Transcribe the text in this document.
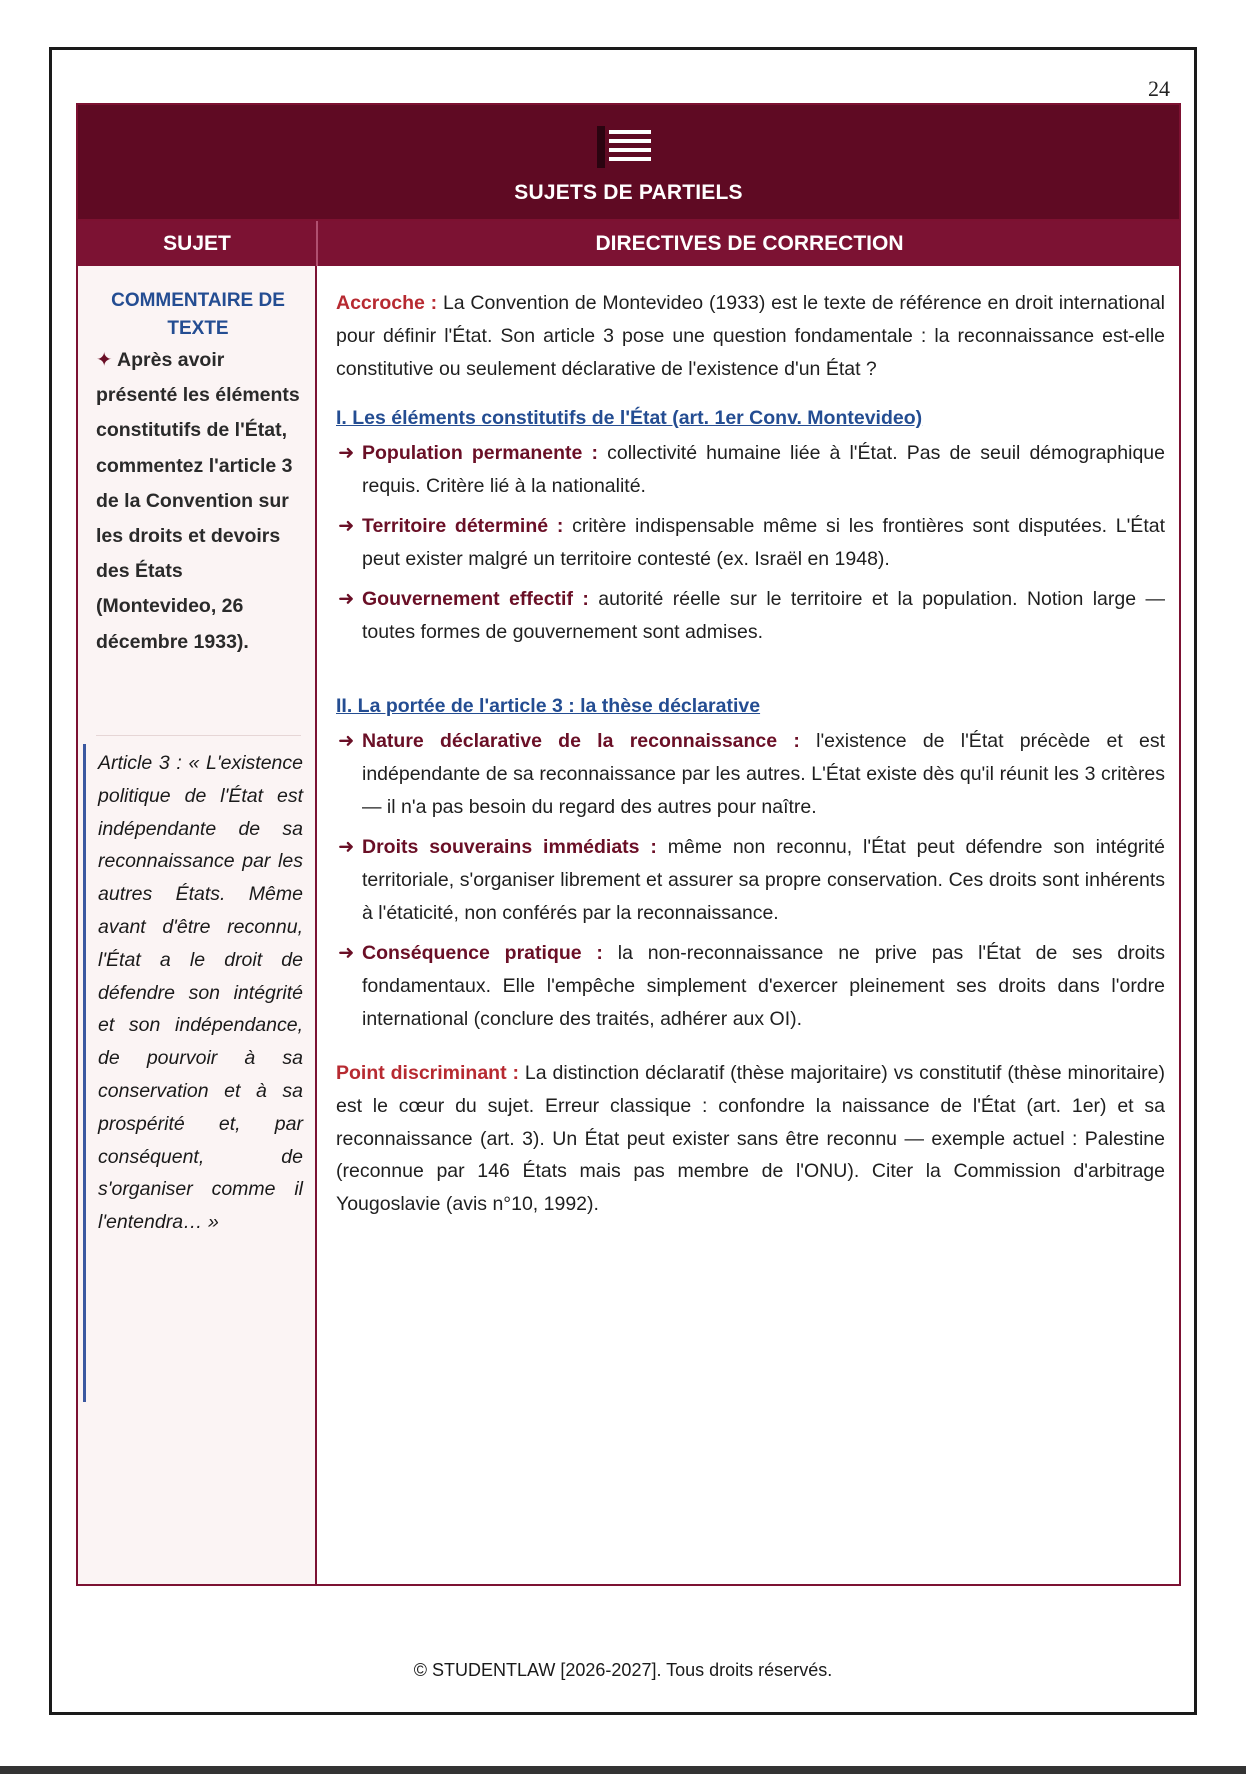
24
SUJETS DE PARTIELS
SUJET	DIRECTIVES DE CORRECTION
COMMENTAIRE DE TEXTE
✦ Après avoir présenté les éléments constitutifs de l'État, commentez l'article 3 de la Convention sur les droits et devoirs des États (Montevideo, 26 décembre 1933).
Article 3 : « L'existence politique de l'État est indépendante de sa reconnaissance par les autres États. Même avant d'être reconnu, l'État a le droit de défendre son intégrité et son indépendance, de pourvoir à sa conservation et à sa prospérité et, par conséquent, de s'organiser comme il l'entendra… »
Accroche : La Convention de Montevideo (1933) est le texte de référence en droit international pour définir l'État. Son article 3 pose une question fondamentale : la reconnaissance est-elle constitutive ou seulement déclarative de l'existence d'un État ?
I. Les éléments constitutifs de l'État (art. 1er Conv. Montevideo)
➜ Population permanente : collectivité humaine liée à l'État. Pas de seuil démographique requis. Critère lié à la nationalité.
➜ Territoire déterminé : critère indispensable même si les frontières sont disputées. L'État peut exister malgré un territoire contesté (ex. Israël en 1948).
➜ Gouvernement effectif : autorité réelle sur le territoire et la population. Notion large — toutes formes de gouvernement sont admises.
II. La portée de l'article 3 : la thèse déclarative
➜ Nature déclarative de la reconnaissance : l'existence de l'État précède et est indépendante de sa reconnaissance par les autres. L'État existe dès qu'il réunit les 3 critères — il n'a pas besoin du regard des autres pour naître.
➜ Droits souverains immédiats : même non reconnu, l'État peut défendre son intégrité territoriale, s'organiser librement et assurer sa propre conservation. Ces droits sont inhérents à l'étaticité, non conférés par la reconnaissance.
➜ Conséquence pratique : la non-reconnaissance ne prive pas l'État de ses droits fondamentaux. Elle l'empêche simplement d'exercer pleinement ses droits dans l'ordre international (conclure des traités, adhérer aux OI).
Point discriminant : La distinction déclaratif (thèse majoritaire) vs constitutif (thèse minoritaire) est le cœur du sujet. Erreur classique : confondre la naissance de l'État (art. 1er) et sa reconnaissance (art. 3). Un État peut exister sans être reconnu — exemple actuel : Palestine (reconnue par 146 États mais pas membre de l'ONU). Citer la Commission d'arbitrage Yougoslavie (avis n°10, 1992).
© STUDENTLAW [2026-2027]. Tous droits réservés.
